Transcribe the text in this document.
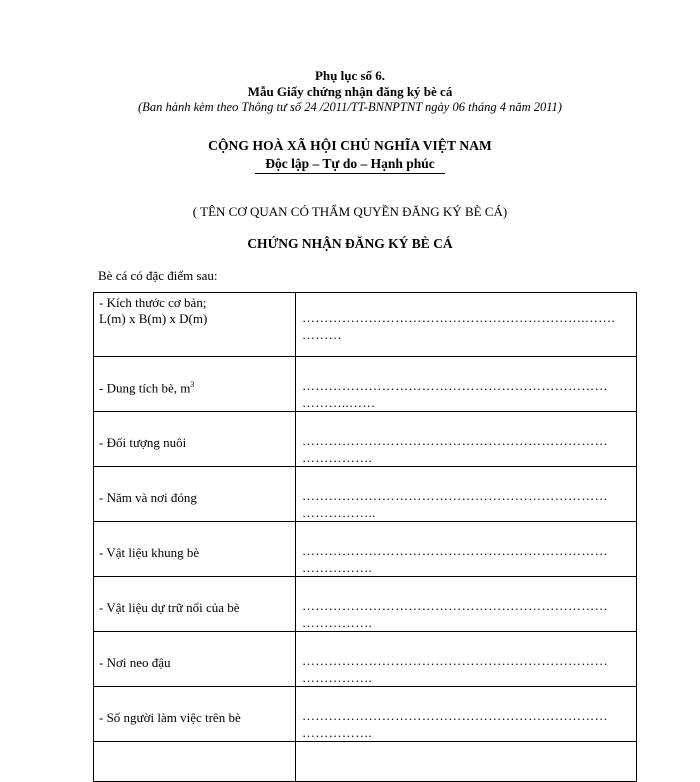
Phụ lục số 6.
Mẫu Giấy chứng nhận đăng ký bè cá
(Ban hành kèm theo Thông tư số 24 /2011/TT-BNNPTNT ngày 06 tháng 4 năm 2011)
CỘNG HOÀ XÃ HỘI CHỦ NGHĨA VIỆT NAM
Độc lập – Tự do – Hạnh phúc
( TÊN CƠ QUAN CÓ THẨM QUYỀN ĐĂNG KÝ BÈ CÁ)
CHỨNG NHẬN ĐĂNG KÝ BÈ CÁ
Bè cá có đặc điểm sau:
- Kích thước cơ bản;
L(m) x B(m) x D(m)	……………………………………………………….…….
………

- Dung tích bè, $m^3$	……………………………………………………………
………..……

- Đối tượng nuôi	……………………………………………………………
…………….

- Năm và nơi đóng	……………………………………………………………
……………..

- Vật liệu khung bè	……………………………………………………………
…………….

- Vật liệu dự trữ nổi của bè	……………………………………………………………
…………….

- Nơi neo đậu	……………………………………………………………
…………….

- Số người làm việc trên bè	……………………………………………………………
…………….
